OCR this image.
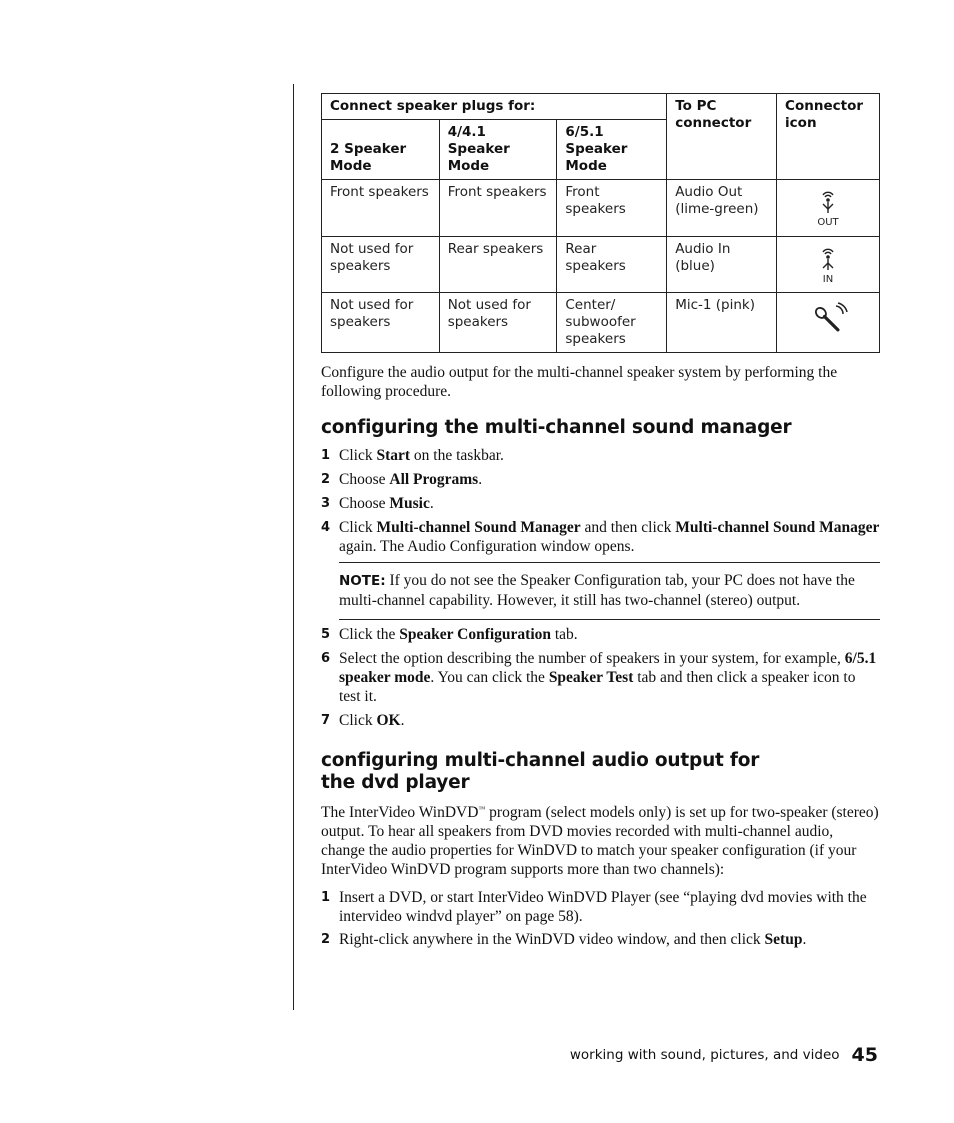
Connect speaker plugs for:			To PC connector	Connector icon
2 Speaker Mode	4/4.1 Speaker Mode	6/5.1 Speaker Mode		
Front speakers	Front speakers	Front speakers	Audio Out (lime-green)	OUT

Not used for speakers	Rear speakers	Rear speakers	Audio In (blue)	IN

Not used for speakers	Not used for speakers	Center/ subwoofer speakers	Mic-1 (pink)	

Configure the audio output for the multi-channel speaker system by performing the following procedure.

configuring the multi-channel sound manager
1 Click Start on the taskbar.
2 Choose All Programs.
3 Choose Music.
4 Click Multi-channel Sound Manager and then click Multi-channel Sound Manager again. The Audio Configuration window opens.
NOTE: If you do not see the Speaker Configuration tab, your PC does not have the multi-channel capability. However, it still has two-channel (stereo) output.
5 Click the Speaker Configuration tab.
6 Select the option describing the number of speakers in your system, for example, 6/5.1 speaker mode. You can click the Speaker Test tab and then click a speaker icon to test it.
7 Click OK.
configuring multi-channel audio output for the dvd player

The InterVideo WinDVD™ program (select models only) is set up for two-speaker (stereo) output. To hear all speakers from DVD movies recorded with multi-channel audio, change the audio properties for WinDVD to match your speaker configuration (if your InterVideo WinDVD program supports more than two channels):

1 Insert a DVD, or start InterVideo WinDVD Player (see “playing dvd movies with the intervideo windvd player” on page 58).
2 Right-click anywhere in the WinDVD video window, and then click Setup.
working with sound, pictures, and video 45
